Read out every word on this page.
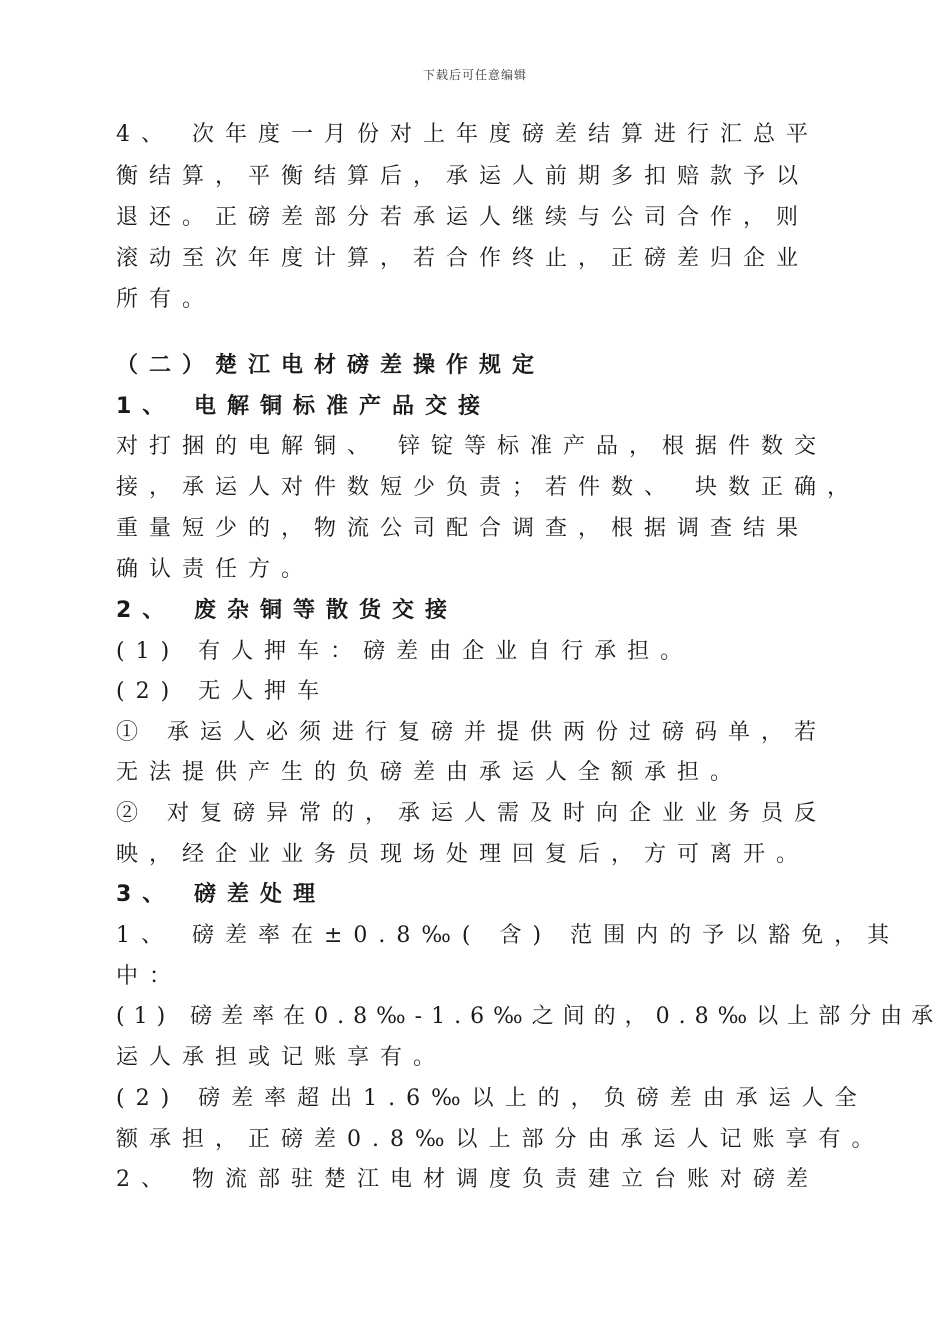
下载后可任意编辑
4、 次年度一月份对上年度磅差结算进行汇总平
衡结算，平衡结算后，承运人前期多扣赔款予以
退还。正磅差部分若承运人继续与公司合作，则
滚动至次年度计算，若合作终止，正磅差归企业
所有。
（二）楚江电材磅差操作规定
1、 电解铜标准产品交接
对打捆的电解铜、 锌锭等标准产品，根据件数交
接，承运人对件数短少负责；若件数、 块数正确，
重量短少的，物流公司配合调查，根据调查结果
确认责任方。
2、 废杂铜等散货交接
(1) 有人押车：磅差由企业自行承担。
(2) 无人押车
① 承运人必须进行复磅并提供两份过磅码单，若
无法提供产生的负磅差由承运人全额承担。
② 对复磅异常的，承运人需及时向企业业务员反
映，经企业业务员现场处理回复后，方可离开。
3、 磅差处理
1、 磅差率在±0.8‰( 含) 范围内的予以豁免，其
中：
(1) 磅差率在0.8‰-1.6‰之间的，0.8‰以上部分由承
运人承担或记账享有。
(2) 磅差率超出1.6‰以上的，负磅差由承运人全
额承担，正磅差0.8‰以上部分由承运人记账享有。
2、 物流部驻楚江电材调度负责建立台账对磅差
